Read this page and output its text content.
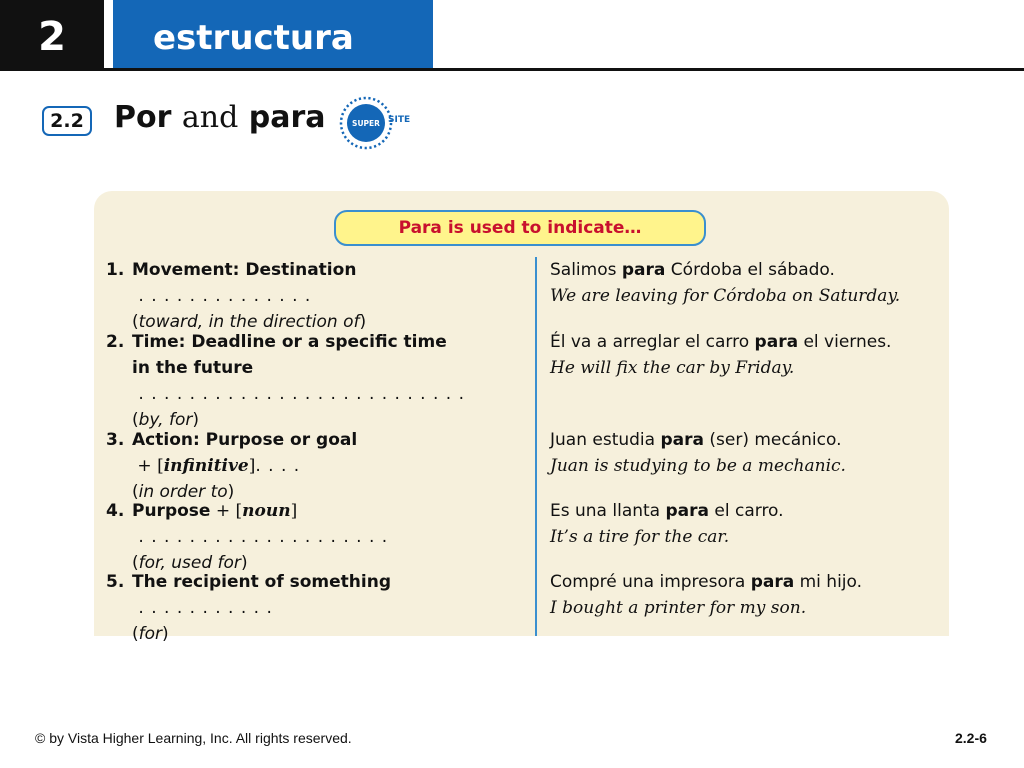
2	estructura
2.2 Por and para	SUPER SITE
Para is used to indicate…
1. Movement: Destination . . . . . . . . . . . . . .
(toward, in the direction of)
Salimos para Córdoba el sábado.
We are leaving for Córdoba on Saturday.
2. Time: Deadline or a specific time
in the future . . . . . . . . . . . . . . . . . . . . . . . . . .
(by, for)
Él va a arreglar el carro para el viernes.
He will fix the car by Friday.
3. Action: Purpose or goal + [infinitive]. . . .
(in order to)
Juan estudia para (ser) mecánico.
Juan is studying to be a mechanic.
4. Purpose + [noun] . . . . . . . . . . . . . . . . . . . .
(for, used for)
Es una llanta para el carro.
It’s a tire for the car.
5. The recipient of something . . . . . . . . . . .
(for)
Compré una impresora para mi hijo.
I bought a printer for my son.
© by Vista Higher Learning, Inc. All rights reserved.	2.2-6
